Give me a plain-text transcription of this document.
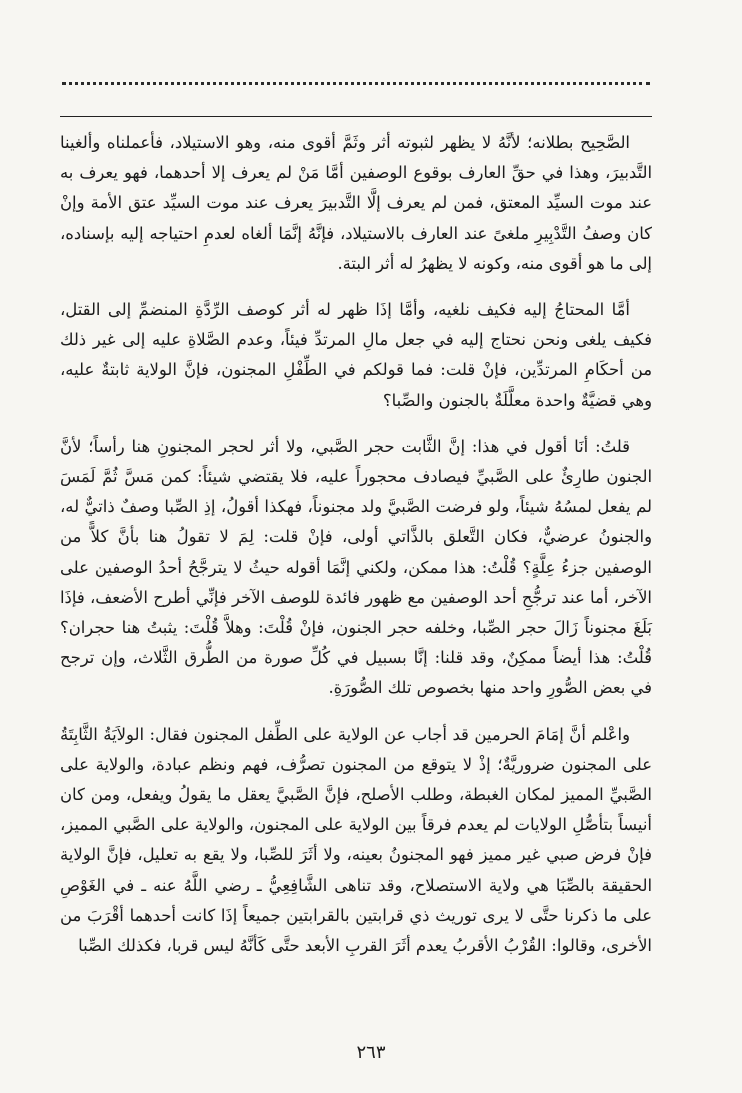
الصَّحِيح بطلانه؛ لأنَّهُ لا يظهر لثبوته أثر وثَمَّ أقوى منه، وهو الاستيلاد، فأعملناه وألغينا التَّدبيرَ، وهذا في حقِّ العارف بوقوع الوصفين أمَّا مَنْ لم يعرف إلا أحدهما، فهو يعرف به عند موت السيِّد المعتق، فمن لم يعرف إلَّا التَّدبيرَ يعرف عند موت السيِّد عتق الأمة وإنْ كان وصفُ التَّدْبِيرِ ملغىً عند العارف بالاستيلاد، فإنَّهُ إنَّمَا ألغاه لعدمِ احتياجه إليه بإسناده، إلى ما هو أقوى منه، وكونه لا يظهرُ له أثر البتة.

أمَّا المحتاجُ إليه فكيف نلغيه، وأمَّا إذَا ظهر له أثر كوصف الرِّدَّةِ المنضمِّ إلى القتل، فكيف يلغى ونحن نحتاج إليه في جعل مالِ المرتدِّ فيئاً، وعدم الصَّلاةِ عليه إلى غير ذلك من أحكَامِ المرتدِّين، فإنْ قلت: فما قولكم في الطِّفْلِ المجنون، فإنَّ الولاية ثابتةٌ عليه، وهي قضيَّةٌ واحدة معلَّلَةٌ بالجنون والصِّبا؟

قلتُ: أنَا أقول في هذا: إنَّ الثَّابت حجر الصَّبي، ولا أثر لحجر المجنونِ هنا رأساً؛ لأنَّ الجنون طارِئٌ على الصَّبيِّ فيصادف محجوراً عليه، فلا يقتضي شيئاً: كمن مَسَّ ثُمَّ لَمَسَ لم يفعل لمسُهُ شيئاً، ولو فرضت الصَّبيَّ ولد مجنوناً، فهكذا أقولُ، إذِ الصِّبا وصفٌ ذاتيٌّ له، والجنونُ عرضيٌّ، فكان التَّعلق بالذَّاتي أولى، فإنْ قلت: لِمَ لا تقولُ هنا بأنَّ كلاًّ من الوصفين جزءُ عِلَّةٍ؟ قُلْتُ: هذا ممكن، ولكني إنَّمَا أقوله حيثُ لا يترجَّحُ أحدُ الوصفين على الآخر، أما عند ترجُّحِ أحد الوصفين مع ظهور فائدة للوصف الآخر فإنِّي أطرح الأضعف، فإذَا بَلَغَ مجنوناً زَالَ حجر الصِّبا، وخلفه حجر الجنون، فإنْ قُلْتَ: وهلاَّ قُلْتَ: يثبتُ هنا حجران؟ قُلْتُ: هذا أيضاً ممكِنٌ، وقد قلنا: إنَّا بسبيل في كُلِّ صورة من الطُّرق الثَّلاث، وإن ترجح في بعض الصُّورِ واحد منها بخصوص تلك الصُّورَةِ.

واعْلم أنَّ إمَامَ الحرمين قد أجاب عن الولاية على الطِّفل المجنون فقال: الولاَيَةُ الثَّابِتَةُ على المجنون ضروريَّةٌ؛ إذْ لا يتوقع من المجنون تصرُّف، فهم ونظم عبادة، والولاية على الصَّبيِّ المميز لمكان الغبطة، وطلب الأصلح، فإنَّ الصَّبيَّ يعقل ما يقولُ ويفعل، ومن كان أنيساً بتأصُّلِ الولايات لم يعدم فرقاً بين الولاية على المجنون، والولاية على الصَّبي المميز، فإنْ فرض صبي غير مميز فهو المجنونُ بعينه، ولا أثَرَ للصِّبا، ولا يقع به تعليل، فإنَّ الولاية الحقيقة بالصِّبَا هي ولاية الاستصلاح، وقد تناهى الشَّافِعِيُّ ـ رضي اللَّهُ عنه ـ في الغَوْصِ على ما ذكرنا حتَّى لا يرى توريث ذي قرابتين بالقرابتين جميعاً إذَا كانت أحدهما أقْرَبَ من الأخرى، وقالوا: القُرْبُ الأقربُ يعدم أثَرَ القربِ الأبعد حتَّى كَأنَّهُ ليس قربا، فكذلك الصِّبا

٢٦٣
